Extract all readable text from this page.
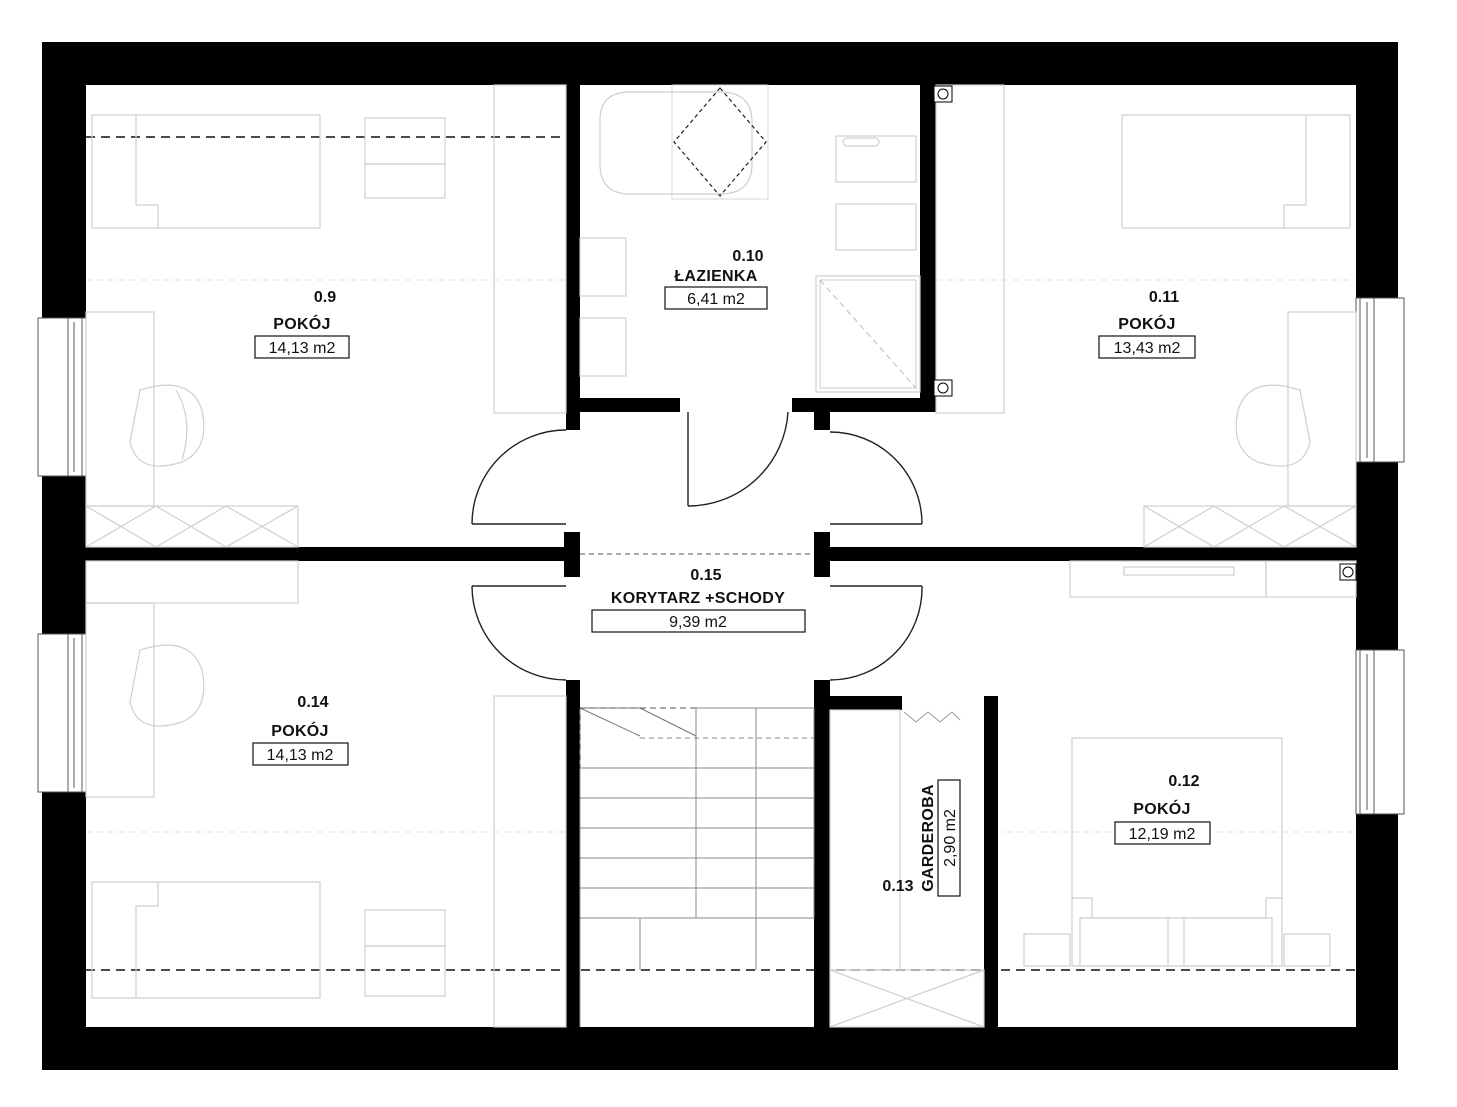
0.9
POKÓJ
14,13 m2
0.10
ŁAZIENKA
6,41 m2	0.11
POKÓJ
13,43 m2
0.15
KORYTARZ +SCHODY
9,39 m2
0.14
POKÓJ
14,13 m2
0.12
POKÓJ
12,19 m2
0.13 GARDEROBA 2,90 m2
